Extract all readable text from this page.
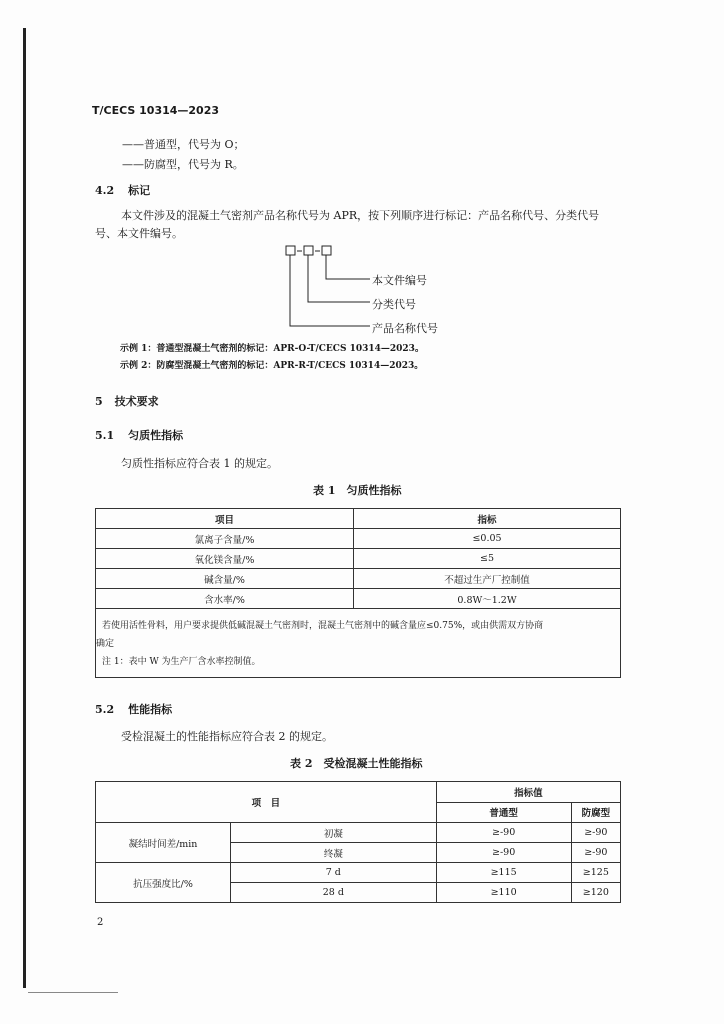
T/CECS 10314—2023
——普通型，代号为 O；
——防腐型，代号为 R。
4.2 标记
本文件涉及的混凝土气密剂产品名称代号为 APR，按下列顺序进行标记：产品名称代号、分类代号
号、本文件编号。
本文件编号
分类代号
产品名称代号
示例 1：普通型混凝土气密剂的标记：APR-O-T/CECS 10314—2023。
示例 2：防腐型混凝土气密剂的标记：APR-R-T/CECS 10314—2023。
5 技术要求
5.1 匀质性指标
匀质性指标应符合表 1 的规定。
表 1　匀质性指标
项目	指标
氯离子含量/%	≤0.05
氧化镁含量/%	≤5
碱含量/%	不超过生产厂控制值
含水率/%	0.8W～1.2W
若使用活性骨料，用户要求提供低碱混凝土气密剂时，混凝土气密剂中的碱含量应≤0.75%，或由供需双方协商
确定
注 1：表中 W 为生产厂含水率控制值。
5.2 性能指标
受检混凝土的性能指标应符合表 2 的规定。
表 2　受检混凝土性能指标
项　目		指标值	
		普通型	防腐型
凝结时间差/min	初凝	≥-90	≥-90
	终凝	≥-90	≥-90
抗压强度比/%	7 d	≥115	≥125
	28 d	≥110	≥120
2
